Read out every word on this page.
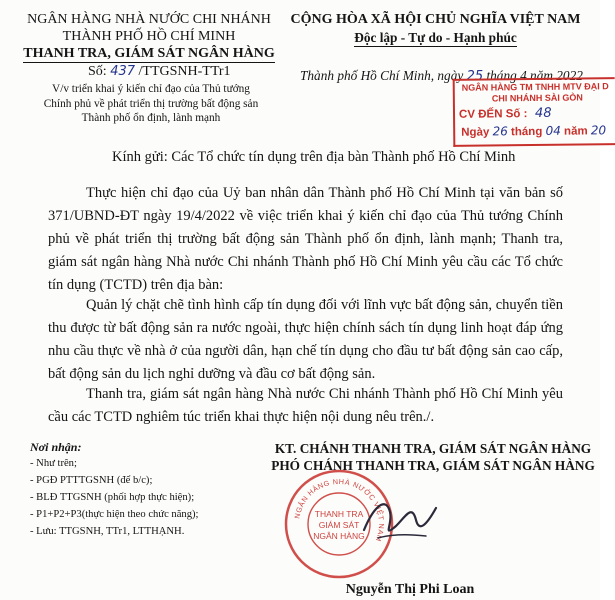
NGÂN HÀNG NHÀ NƯỚC CHI NHÁNH
THÀNH PHỐ HỒ CHÍ MINH
THANH TRA, GIÁM SÁT NGÂN HÀNG
Số: 437 /TTGSNH-TTr1
V/v triển khai ý kiến chỉ đạo của Thủ tướng
Chính phủ về phát triển thị trường bất động sản
Thành phố ổn định, lành mạnh
CỘNG HÒA XÃ HỘI CHỦ NGHĨA VIỆT NAM
Độc lập - Tự do - Hạnh phúc
Thành phố Hồ Chí Minh, ngày 25 tháng 4 năm 2022
NGÂN HÀNG TM TNHH MTV ĐẠI D
CHI NHÁNH SÀI GÒN
CV ĐẾN Số : 48
Ngày 26 tháng 04 năm 20
Kính gửi: Các Tổ chức tín dụng trên địa bàn Thành phố Hồ Chí Minh
Thực hiện chỉ đạo của Uỷ ban nhân dân Thành phố Hồ Chí Minh tại văn bản số 371/UBND-ĐT ngày 19/4/2022 về việc triển khai ý kiến chỉ đạo của Thủ tướng Chính phủ về phát triển thị trường bất động sản Thành phố ổn định, lành mạnh; Thanh tra, giám sát ngân hàng Nhà nước Chi nhánh Thành phố Hồ Chí Minh yêu cầu các Tổ chức tín dụng (TCTD) trên địa bàn:
Quản lý chặt chẽ tình hình cấp tín dụng đối với lĩnh vực bất động sản, chuyển tiền thu được từ bất động sản ra nước ngoài, thực hiện chính sách tín dụng linh hoạt đáp ứng nhu cầu thực về nhà ở của người dân, hạn chế tín dụng cho đầu tư bất động sản cao cấp, bất động sản du lịch nghỉ dưỡng và đầu cơ bất động sản.
Thanh tra, giám sát ngân hàng Nhà nước Chi nhánh Thành phố Hồ Chí Minh yêu cầu các TCTD nghiêm túc triển khai thực hiện nội dung nêu trên./.
Nơi nhận:
- Như trên;
- PGĐ PTTTGSNH (để b/c);
- BLĐ TTGSNH (phối hợp thực hiện);
- P1+P2+P3(thực hiện theo chức năng);
- Lưu: TTGSNH, TTr1, LTTHẠNH.
KT. CHÁNH THANH TRA, GIÁM SÁT NGÂN HÀNG
PHÓ CHÁNH THANH TRA, GIÁM SÁT NGÂN HÀNG
NGÂN HÀNG NHÀ NƯỚC VIỆT NAM
THANH TRA
GIÁM SÁT
NGÂN HÀNG
Nguyễn Thị Phi Loan
